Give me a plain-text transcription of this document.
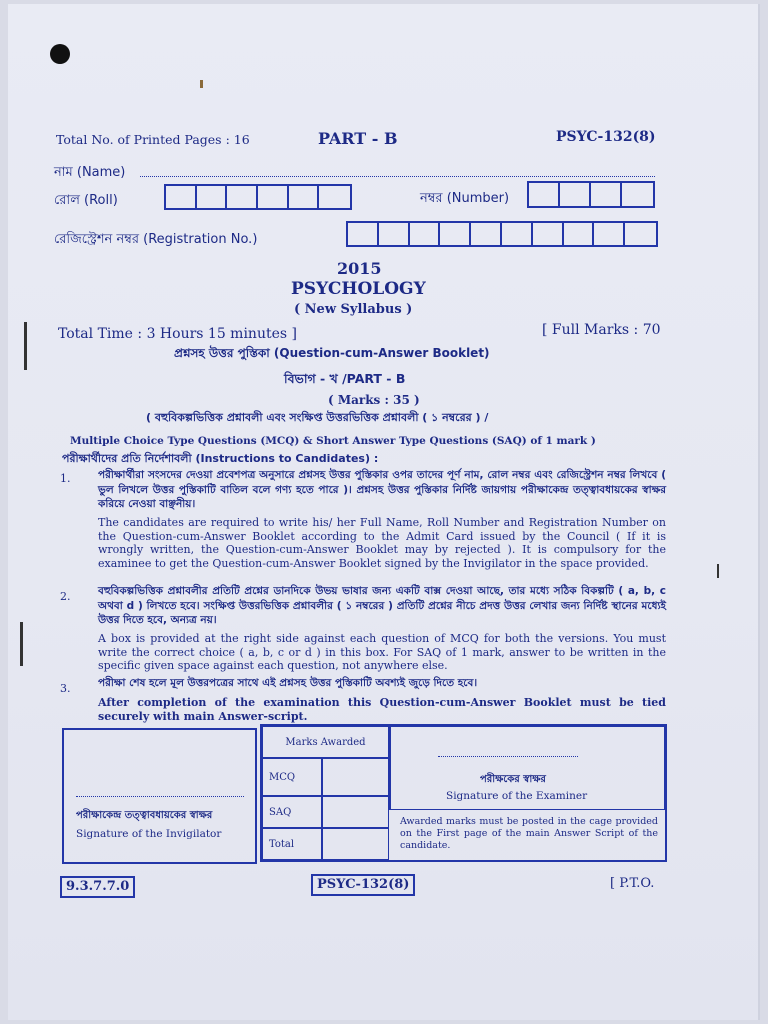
Total No. of Printed Pages : 16	PART - B	PSYC-132(8)
নাম (Name)
রোল (Roll)	নম্বর (Number)
রেজিস্ট্রেশন নম্বর (Registration No.)
2015
PSYCHOLOGY
( New Syllabus )
Total Time : 3 Hours 15 minutes ]	[ Full Marks : 70
প্রশ্নসহ উত্তর পুস্তিকা (Question-cum-Answer Booklet)
বিভাগ - খ /PART - B
( Marks : 35 )
( বহুবিকল্পভিত্তিক প্রশ্নাবলী এবং সংক্ষিপ্ত উত্তরভিত্তিক প্রশ্নাবলী ( ১ নম্বরের ) /
Multiple Choice Type Questions (MCQ) & Short Answer Type Questions (SAQ) of 1 mark )
পরীক্ষার্থীদের প্রতি নির্দেশাবলী (Instructions to Candidates) :
1.	পরীক্ষার্থীরা সংসদের দেওয়া প্রবেশপত্র অনুসারে প্রশ্নসহ উত্তর পুস্তিকার ওপর তাদের পূর্ণ নাম, রোল নম্বর এবং রেজিস্ট্রেশন নম্বর লিখবে ( ভুল লিখলে উত্তর পুস্তিকাটি বাতিল বলে গণ্য হতে পারে )। প্রশ্নসহ উত্তর পুস্তিকার নির্দিষ্ট জায়গায় পরীক্ষাকেন্দ্র তত্ত্বাবধায়কের স্বাক্ষর করিয়ে নেওয়া বাঞ্ছনীয়।
The candidates are required to write his/ her Full Name, Roll Number and Registration Number on the Question-cum-Answer Booklet according to the Admit Card issued by the Council ( If it is wrongly written, the Question-cum-Answer Booklet may by rejected ). It is compulsory for the examinee to get the Question-cum-Answer Booklet signed by the Invigilator in the space provided.
2.	বহুবিকল্পভিত্তিক প্রশ্নাবলীর প্রতিটি প্রশ্নের ডানদিকে উভয় ভাষার জন্য একটি বাক্স দেওয়া আছে, তার মধ্যে সঠিক বিকল্পটি ( a, b, c অথবা d ) লিখতে হবে। সংক্ষিপ্ত উত্তরভিত্তিক প্রশ্নাবলীর ( ১ নম্বরের ) প্রতিটি প্রশ্নের নীচে প্রদত্ত উত্তর লেখার জন্য নির্দিষ্ট স্থানের মধ্যেই উত্তর দিতে হবে, অন্যত্র নয়।
A box is provided at the right side against each question of MCQ for both the versions. You must write the correct choice ( a, b, c or d ) in this box. For SAQ of 1 mark, answer to be written in the specific given space against each question, not anywhere else.
3.	পরীক্ষা শেষ হলে মূল উত্তরপত্রের সাথে এই প্রশ্নসহ উত্তর পুস্তিকাটি অবশ্যই জুড়ে দিতে হবে।
After completion of the examination this Question-cum-Answer Booklet must be tied securely with main Answer-script.
পরীক্ষাকেন্দ্র তত্ত্বাবধায়কের স্বাক্ষর
Signature of the Invigilator
Marks Awarded
MCQ
SAQ
Total
পরীক্ষকের স্বাক্ষর
Signature of the Examiner
Awarded marks must be posted in the cage provided on the First page of the main Answer Script of the candidate.
9.3.7.7.0	PSYC-132(8)	[ P.T.O.
